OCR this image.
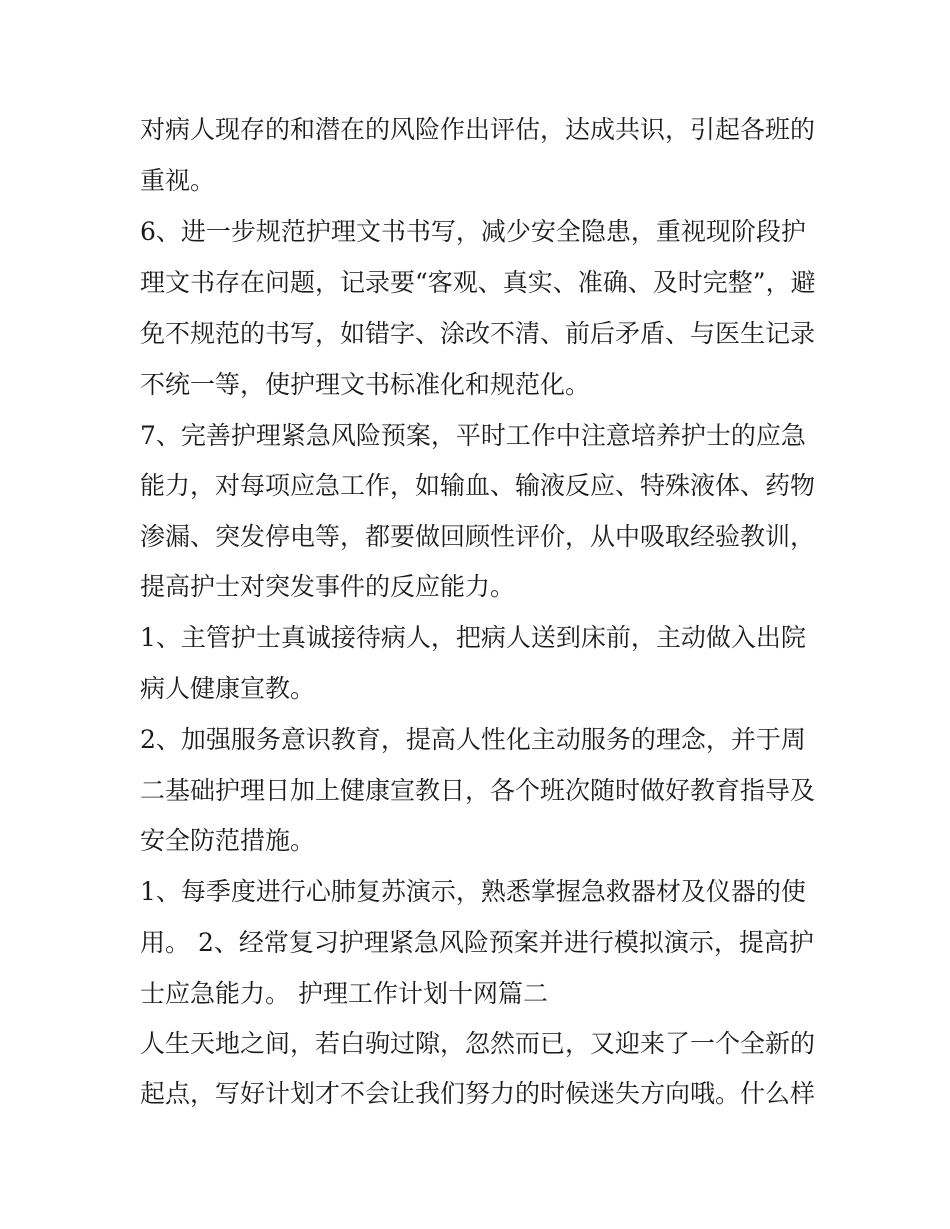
对病人现存的和潜在的风险作出评估，达成共识，引起各班的
重视。
6、进一步规范护理文书书写，减少安全隐患，重视现阶段护
理文书存在问题，记录要“客观、真实、准确、及时完整”，避
免不规范的书写，如错字、涂改不清、前后矛盾、与医生记录
不统一等，使护理文书标准化和规范化。
7、完善护理紧急风险预案，平时工作中注意培养护士的应急
能力，对每项应急工作，如输血、输液反应、特殊液体、药物
渗漏、突发停电等，都要做回顾性评价，从中吸取经验教训，
提高护士对突发事件的反应能力。
1、主管护士真诚接待病人，把病人送到床前，主动做入出院
病人健康宣教。
2、加强服务意识教育，提高人性化主动服务的理念，并于周
二基础护理日加上健康宣教日，各个班次随时做好教育指导及
安全防范措施。
1、每季度进行心肺复苏演示，熟悉掌握急救器材及仪器的使
用。 2、经常复习护理紧急风险预案并进行模拟演示，提高护
士应急能力。 护理工作计划十网篇二
人生天地之间，若白驹过隙，忽然而已，又迎来了一个全新的
起点，写好计划才不会让我们努力的时候迷失方向哦。什么样
